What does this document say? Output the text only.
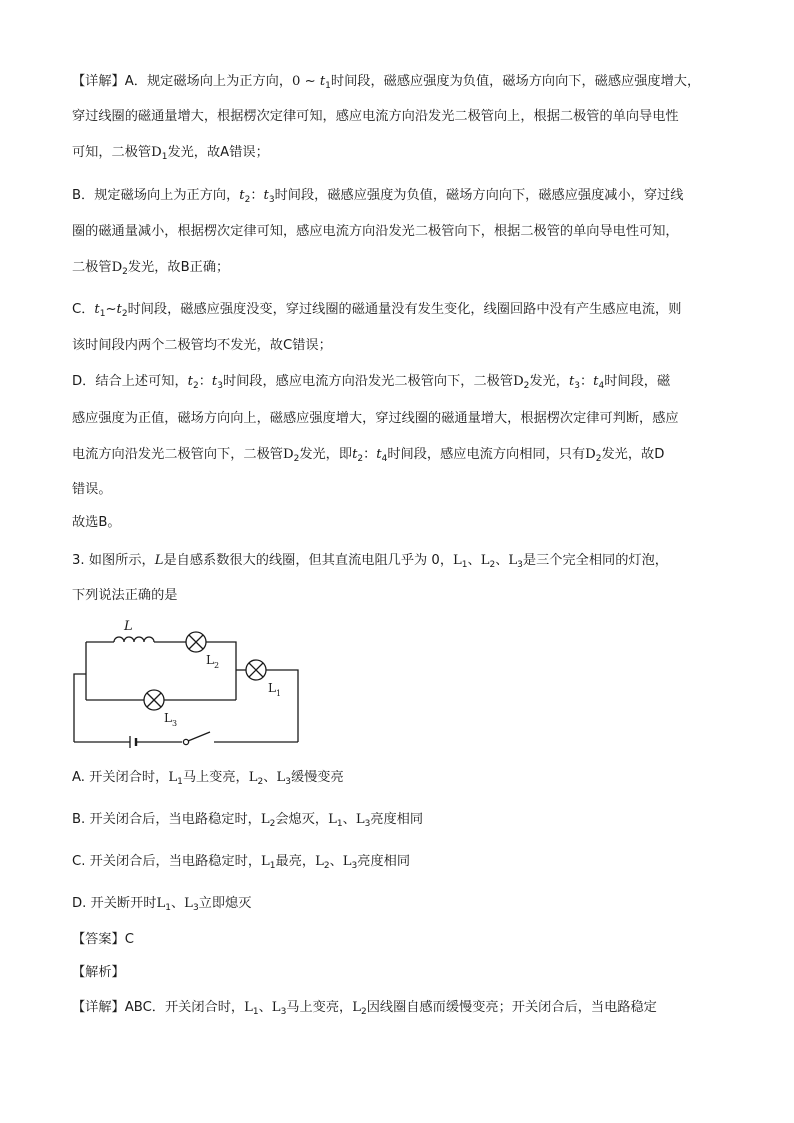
【详解】A．规定磁场向上为正方向，0 ~ $t_1$时间段，磁感应强度为负值，磁场方向向下，磁感应强度增大，
穿过线圈的磁通量增大，根据楞次定律可知，感应电流方向沿发光二极管向上，根据二极管的单向导电性
可知，二极管$D_1$发光，故A错误；
B．规定磁场向上为正方向，$t_2$：$t_3$时间段，磁感应强度为负值，磁场方向向下，磁感应强度减小，穿过线
圈的磁通量减小，根据楞次定律可知，感应电流方向沿发光二极管向下，根据二极管的单向导电性可知，
二极管$D_2$发光，故B正确；
C．$t_1\sim t_2$时间段，磁感应强度没变，穿过线圈的磁通量没有发生变化，线圈回路中没有产生感应电流，则
该时间段内两个二极管均不发光，故C错误；
D．结合上述可知，$t_2$：$t_3$时间段，感应电流方向沿发光二极管向下，二极管$D_2$发光，$t_3$：$t_4$时间段，磁
感应强度为正值，磁场方向向上，磁感应强度增大，穿过线圈的磁通量增大，根据楞次定律可判断，感应
电流方向沿发光二极管向下，二极管$D_2$发光，即$t_2$：$t_4$时间段，感应电流方向相同，只有$D_2$发光，故D
错误。
故选B。
3. 如图所示，L是自感系数很大的线圈，但其直流电阻几乎为 0，$L_1$、$L_2$、$L_3$是三个完全相同的灯泡，
下列说法正确的是
L
L 2
L 1
L 3
A. 开关闭合时，$L_1$马上变亮，$L_2$、$L_3$缓慢变亮
B. 开关闭合后，当电路稳定时，$L_2$会熄灭，$L_1$、$L_3$亮度相同
C. 开关闭合后，当电路稳定时，$L_1$最亮，$L_2$、$L_3$亮度相同
D. 开关断开时$L_1$、$L_3$立即熄灭
【答案】C
【解析】
【详解】ABC．开关闭合时，$L_1$、$L_3$马上变亮，$L_2$因线圈自感而缓慢变亮；开关闭合后，当电路稳定
